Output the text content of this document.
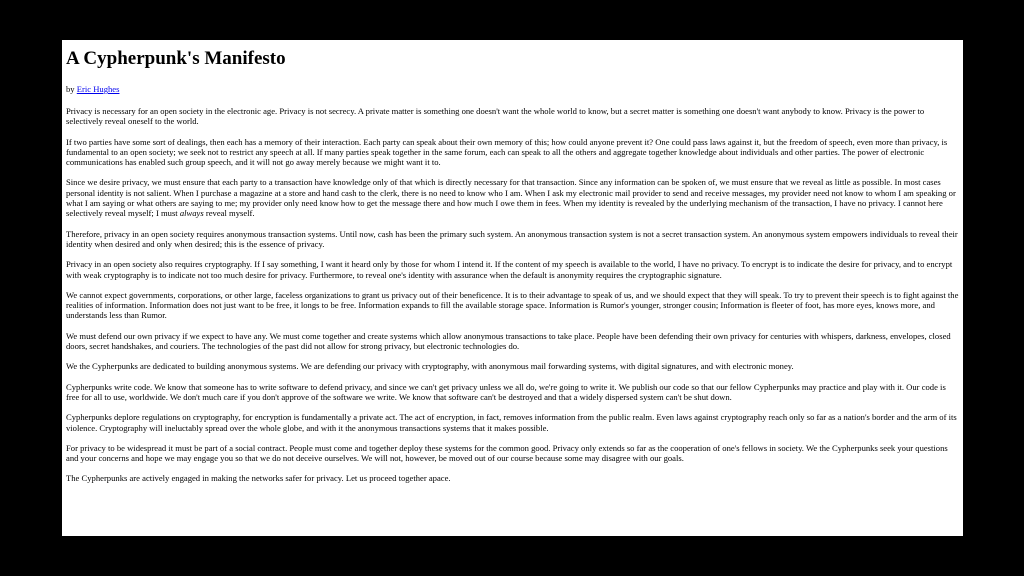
A Cypherpunk's Manifesto
by Eric Hughes

Privacy is necessary for an open society in the electronic age. Privacy is not secrecy. A private matter is something one doesn't want the whole world to know, but a secret matter is something one doesn't want anybody to know. Privacy is the power to selectively reveal oneself to the world.

If two parties have some sort of dealings, then each has a memory of their interaction. Each party can speak about their own memory of this; how could anyone prevent it? One could pass laws against it, but the freedom of speech, even more than privacy, is fundamental to an open society; we seek not to restrict any speech at all. If many parties speak together in the same forum, each can speak to all the others and aggregate together knowledge about individuals and other parties. The power of electronic communications has enabled such group speech, and it will not go away merely because we might want it to.

Since we desire privacy, we must ensure that each party to a transaction have knowledge only of that which is directly necessary for that transaction. Since any information can be spoken of, we must ensure that we reveal as little as possible. In most cases personal identity is not salient. When I purchase a magazine at a store and hand cash to the clerk, there is no need to know who I am. When I ask my electronic mail provider to send and receive messages, my provider need not know to whom I am speaking or what I am saying or what others are saying to me; my provider only need know how to get the message there and how much I owe them in fees. When my identity is revealed by the underlying mechanism of the transaction, I have no privacy. I cannot here selectively reveal myself; I must always reveal myself.

Therefore, privacy in an open society requires anonymous transaction systems. Until now, cash has been the primary such system. An anonymous transaction system is not a secret transaction system. An anonymous system empowers individuals to reveal their identity when desired and only when desired; this is the essence of privacy.

Privacy in an open society also requires cryptography. If I say something, I want it heard only by those for whom I intend it. If the content of my speech is available to the world, I have no privacy. To encrypt is to indicate the desire for privacy, and to encrypt with weak cryptography is to indicate not too much desire for privacy. Furthermore, to reveal one's identity with assurance when the default is anonymity requires the cryptographic signature.

We cannot expect governments, corporations, or other large, faceless organizations to grant us privacy out of their beneficence. It is to their advantage to speak of us, and we should expect that they will speak. To try to prevent their speech is to fight against the realities of information. Information does not just want to be free, it longs to be free. Information expands to fill the available storage space. Information is Rumor's younger, stronger cousin; Information is fleeter of foot, has more eyes, knows more, and understands less than Rumor.

We must defend our own privacy if we expect to have any. We must come together and create systems which allow anonymous transactions to take place. People have been defending their own privacy for centuries with whispers, darkness, envelopes, closed doors, secret handshakes, and couriers. The technologies of the past did not allow for strong privacy, but electronic technologies do.

We the Cypherpunks are dedicated to building anonymous systems. We are defending our privacy with cryptography, with anonymous mail forwarding systems, with digital signatures, and with electronic money.

Cypherpunks write code. We know that someone has to write software to defend privacy, and since we can't get privacy unless we all do, we're going to write it. We publish our code so that our fellow Cypherpunks may practice and play with it. Our code is free for all to use, worldwide. We don't much care if you don't approve of the software we write. We know that software can't be destroyed and that a widely dispersed system can't be shut down.

Cypherpunks deplore regulations on cryptography, for encryption is fundamentally a private act. The act of encryption, in fact, removes information from the public realm. Even laws against cryptography reach only so far as a nation's border and the arm of its violence. Cryptography will ineluctably spread over the whole globe, and with it the anonymous transactions systems that it makes possible.

For privacy to be widespread it must be part of a social contract. People must come and together deploy these systems for the common good. Privacy only extends so far as the cooperation of one's fellows in society. We the Cypherpunks seek your questions and your concerns and hope we may engage you so that we do not deceive ourselves. We will not, however, be moved out of our course because some may disagree with our goals.

The Cypherpunks are actively engaged in making the networks safer for privacy. Let us proceed together apace.
